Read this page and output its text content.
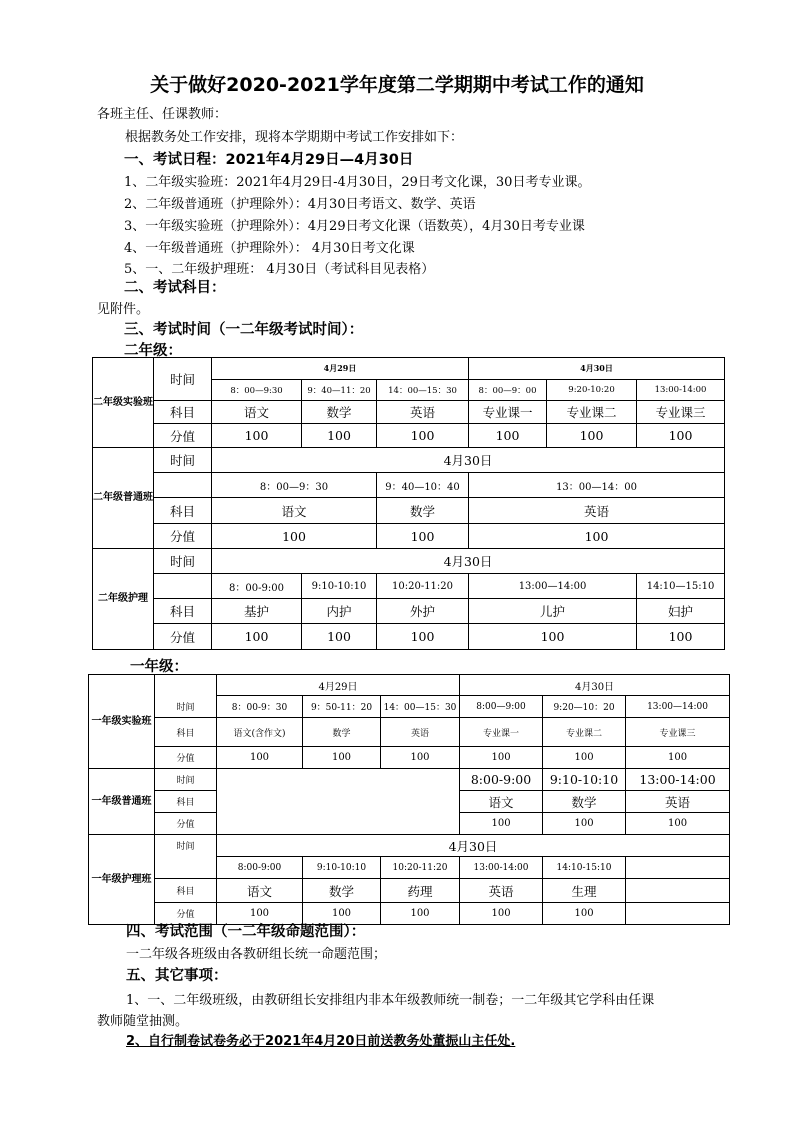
关于做好2020-2021学年度第二学期期中考试工作的通知
各班主任、任课教师：
根据教务处工作安排，现将本学期期中考试工作安排如下：
一、考试日程：2021年4月29日—4月30日
1、二年级实验班：2021年4月29日-4月30日，29日考文化课，30日考专业课。
2、二年级普通班（护理除外）：4月30日考语文、数学、英语
3、一年级实验班（护理除外）：4月29日考文化课（语数英），4月30日考专业课
4、一年级普通班（护理除外）： 4月30日考文化课
5、一、二年级护理班： 4月30日（考试科目见表格）
二、考试科目：
见附件。
三、考试时间（一二年级考试时间）：
二年级：
二年级实验班	时间	4月29日			4月30日		
		8：00—9:30	9：40—11：20	14：00—15：30	8：00—9：00	9:20-10:20	13:00-14:00
	科目	语文	数学	英语	专业课一	专业课二	专业课三
	分值	100	100	100	100	100	100
二年级普通班	时间	4月30日					
		8：00—9：30		9：40—10：40	13：00—14：00		
	科目	语文		数学	英语		
	分值	100		100	100		
二年级护理	时间	4月30日					
		8：00-9:00	9:10-10:10	10:20-11:20	13:00—14:00		14:10—15:10
	科目	基护	内护	外护	儿护		妇护
	分值	100	100	100	100		100
一年级：
一年级实验班		4月29日			4月30日		
	时间	8：00-9：30	9：50-11：20	14：00—15：30	8:00—9:00	9:20—10：20	13:00—14:00
	科目	语文(含作文)	数学	英语	专业课一	专业课二	专业课三
	分值	100	100	100	100	100	100
一年级普通班	时间				8:00-9:00	9:10-10:10	13:00-14:00
	科目				语文	数学	英语
	分值				100	100	100
一年级护理班	时间	4月30日					
		8:00-9:00	9:10-10:10	10:20-11:20	13:00-14:00	14:10-15:10	
	科目	语文	数学	药理	英语	生理	
	分值	100	100	100	100	100	
四、考试范围（一二年级命题范围）：
一二年级各班级由各教研组长统一命题范围；
五、其它事项：
1、一、二年级班级，由教研组长安排组内非本年级教师统一制卷；一二年级其它学科由任课
教师随堂抽测。
2、自行制卷试卷务必于2021年4月20日前送教务处董振山主任处.
